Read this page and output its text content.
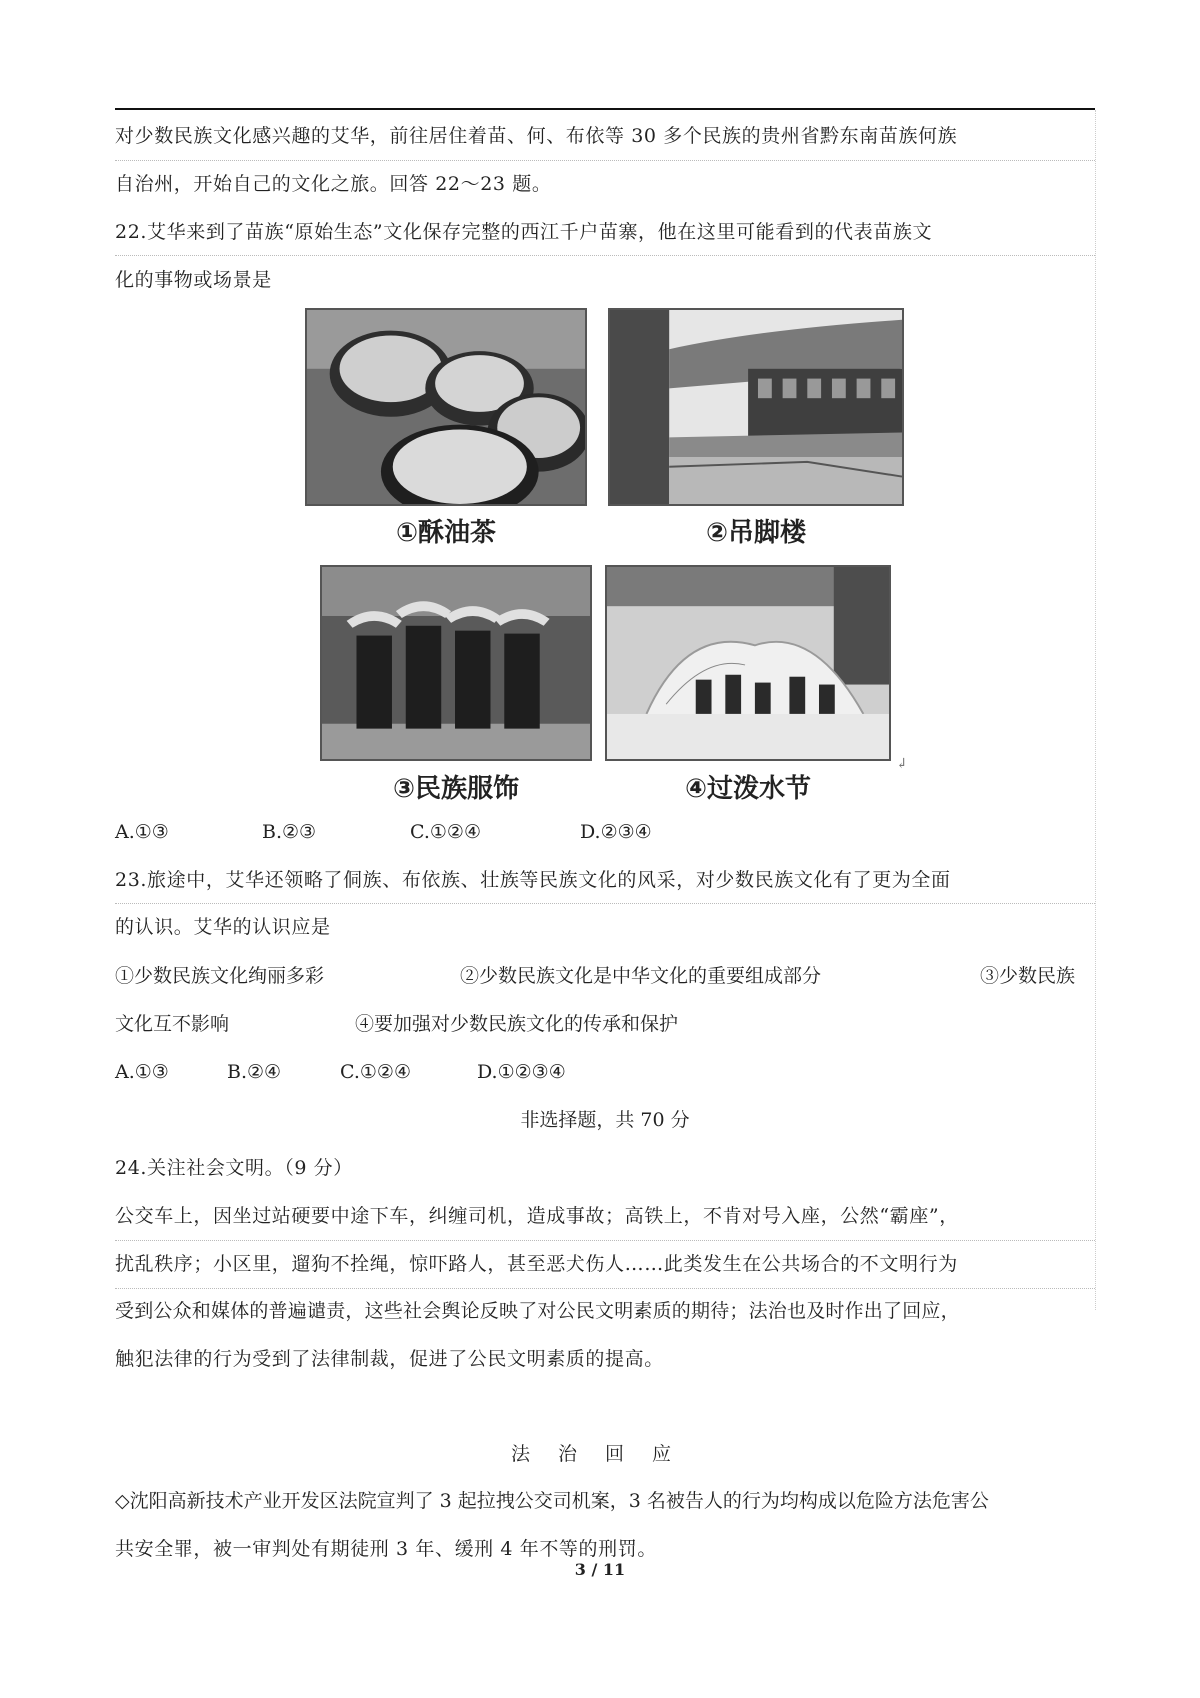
对少数民族文化感兴趣的艾华，前往居住着苗、何、布依等 30 多个民族的贵州省黔东南苗族何族
自治州，开始自己的文化之旅。回答 22～23 题。
22.艾华来到了苗族“原始生态”文化保存完整的西江千户苗寨，他在这里可能看到的代表苗族文
化的事物或场景是
①酥油茶	②吊脚楼
③民族服饰	④过泼水节
↲
A.①③	B.②③	C.①②④	D.②③④
23.旅途中，艾华还领略了侗族、布依族、壮族等民族文化的风采，对少数民族文化有了更为全面
的认识。艾华的认识应是
①少数民族文化绚丽多彩	②少数民族文化是中华文化的重要组成部分	③少数民族
文化互不影响	④要加强对少数民族文化的传承和保护
A.①③	B.②④	C.①②④	D.①②③④
非选择题，共 70 分
24.关注社会文明。（9 分）
公交车上，因坐过站硬要中途下车，纠缠司机，造成事故；高铁上，不肯对号入座，公然“霸座”，
扰乱秩序；小区里，遛狗不拴绳，惊吓路人，甚至恶犬伤人……此类发生在公共场合的不文明行为
受到公众和媒体的普遍谴责，这些社会舆论反映了对公民文明素质的期待；法治也及时作出了回应，
触犯法律的行为受到了法律制裁，促进了公民文明素质的提高。
法治回应
◇沈阳高新技术产业开发区法院宣判了 3 起拉拽公交司机案，3 名被告人的行为均构成以危险方法危害公
共安全罪，被一审判处有期徒刑 3 年、缓刑 4 年不等的刑罚。
3 / 11
